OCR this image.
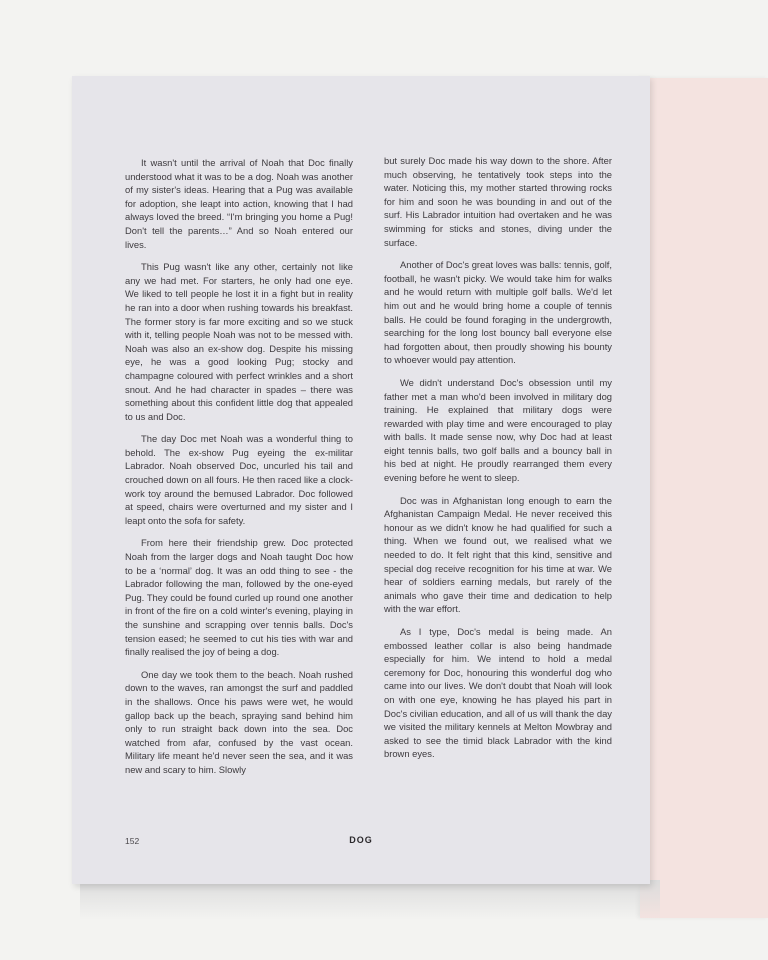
It wasn't until the arrival of Noah that Doc finally understood what it was to be a dog. Noah was another of my sister's ideas. Hearing that a Pug was available for adoption, she leapt into action, knowing that I had always loved the breed. “I'm bringing you home a Pug! Don't tell the parents…” And so Noah entered our lives.

This Pug wasn't like any other, certainly not like any we had met. For starters, he only had one eye. We liked to tell people he lost it in a fight but in reality he ran into a door when rushing towards his breakfast. The former story is far more exciting and so we stuck with it, telling people Noah was not to be messed with. Noah was also an ex-show dog. Despite his missing eye, he was a good looking Pug; stocky and champagne coloured with perfect wrinkles and a short snout. And he had character in spades – there was something about this confident little dog that appealed to us and Doc.

The day Doc met Noah was a wonderful thing to behold. The ex-show Pug eyeing the ex-militar Labrador. Noah observed Doc, uncurled his tail and crouched down on all fours. He then raced like a clock-work toy around the bemused Labrador. Doc followed at speed, chairs were overturned and my sister and I leapt onto the sofa for safety.

From here their friendship grew. Doc protected Noah from the larger dogs and Noah taught Doc how to be a ‘normal’ dog. It was an odd thing to see - the Labrador following the man, followed by the one-eyed Pug. They could be found curled up round one another in front of the fire on a cold winter's evening, playing in the sunshine and scrapping over tennis balls. Doc's tension eased; he seemed to cut his ties with war and finally realised the joy of being a dog.

One day we took them to the beach. Noah rushed down to the waves, ran amongst the surf and paddled in the shallows. Once his paws were wet, he would gallop back up the beach, spraying sand behind him only to run straight back down into the sea. Doc watched from afar, confused by the vast ocean. Military life meant he'd never seen the sea, and it was new and scary to him. Slowly

but surely Doc made his way down to the shore. After much observing, he tentatively took steps into the water. Noticing this, my mother started throwing rocks for him and soon he was bounding in and out of the surf. His Labrador intuition had overtaken and he was swimming for sticks and stones, diving under the surface.

Another of Doc's great loves was balls: tennis, golf, football, he wasn't picky. We would take him for walks and he would return with multiple golf balls. We'd let him out and he would bring home a couple of tennis balls. He could be found foraging in the undergrowth, searching for the long lost bouncy ball everyone else had forgotten about, then proudly showing his bounty to whoever would pay attention.

We didn't understand Doc's obsession until my father met a man who'd been involved in military dog training. He explained that military dogs were rewarded with play time and were encouraged to play with balls. It made sense now, why Doc had at least eight tennis balls, two golf balls and a bouncy ball in his bed at night. He proudly rearranged them every evening before he went to sleep.

Doc was in Afghanistan long enough to earn the Afghanistan Campaign Medal. He never received this honour as we didn't know he had qualified for such a thing. When we found out, we realised what we needed to do. It felt right that this kind, sensitive and special dog receive recognition for his time at war. We hear of soldiers earning medals, but rarely of the animals who gave their time and dedication to help with the war effort.

As I type, Doc's medal is being made. An embossed leather collar is also being handmade especially for him. We intend to hold a medal ceremony for Doc, honouring this wonderful dog who came into our lives. We don't doubt that Noah will look on with one eye, knowing he has played his part in Doc's civilian education, and all of us will thank the day we visited the military kennels at Melton Mowbray and asked to see the timid black Labrador with the kind brown eyes.

152	DOG
